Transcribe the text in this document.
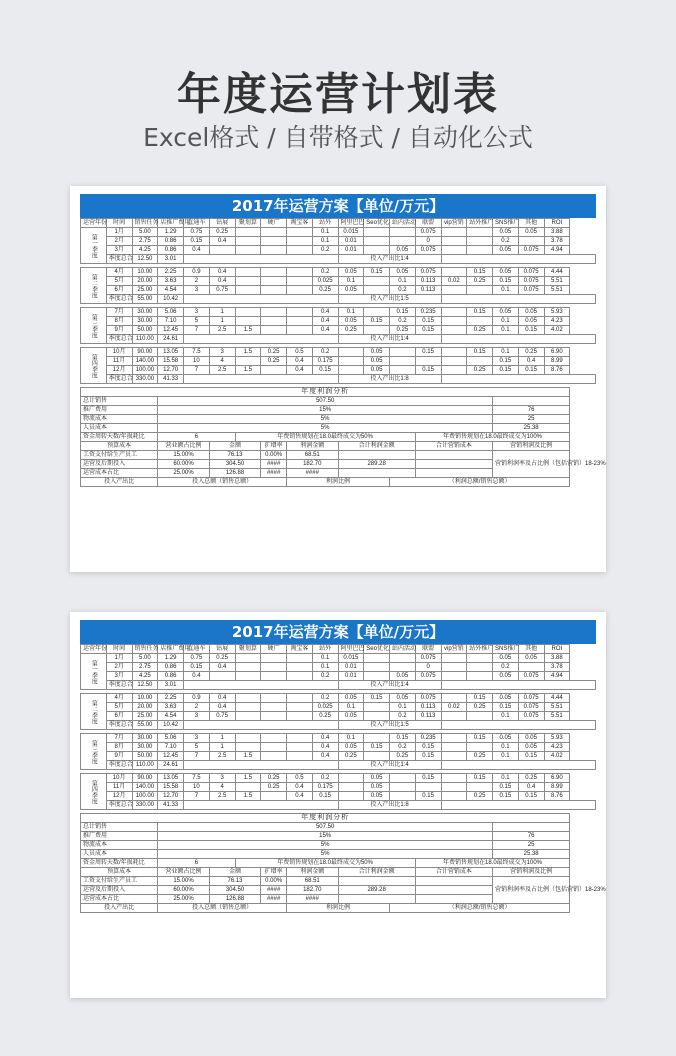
年度运营计划表
Excel格式 / 自带格式 / 自动化公式
2017年运营方案【单位/万元】
运营年份	时间	销售任务	店推广费用	直通车	钻展	聚划算	硬广	淘宝客	站外	阿里巴巴	Seo优化	站内活动	联盟	vip营销	站外推广	SNS推广	其他	ROI
第一季度	1月	5.00	1.29	0.75	0.25				0.1	0.015			0.075			0.05	0.05	3.88
	2月	2.75	0.86	0.15	0.4				0.1	0.01			0			0.2		3.78
	3月	4.25	0.86	0.4					0.2	0.01		0.05	0.075			0.05	0.075	4.94
	季度总合	12.50	3.01							投入产出比1:4								

第二季度	4月	10.00	2.25	0.9	0.4				0.2	0.05	0.15	0.05	0.075		0.15	0.05	0.075	4.44
	5月	20.00	3.63	2	0.4				0.025	0.1		0.1	0.113	0.02	0.25	0.15	0.075	5.51
	6月	25.00	4.54	3	0.75				0.25	0.05		0.2	0.113			0.1	0.075	5.51
	季度总合	55.00	10.42							投入产出比1:5								

第三季度	7月	30.00	5.06	3	1				0.4	0.1		0.15	0.235		0.15	0.05	0.05	5.93
	8月	30.00	7.10	5	1				0.4	0.05	0.15	0.2	0.15			0.1	0.05	4.23
	9月	50.00	12.45	7	2.5	1.5			0.4	0.25		0.25	0.15		0.25	0.1	0.15	4.02
	季度总合	110.00	24.61							投入产出比1:4								

第四季度	10月	90.00	13.05	7.5	3	1.5	0.25	0.5	0.2		0.05		0.15		0.15	0.1	0.25	6.90
	11月	140.00	15.58	10	4		0.25	0.4	0.175		0.05					0.15	0.4	8.99
	12月	100.00	12.70	7	2.5	1.5		0.4	0.15		0.05		0.15		0.25	0.15	0.15	8.76
	季度总合	330.00	41.33							投入产出比1:8								

年度利润分析																		
总计销售			507.50															
推广费用			15%													76		
物流成本			5%													25		
人员成本			5%													25.38		
资金周转天数/年损耗比			6			年费销售规划在18.0最终成交为50%							年费销售规划在18.0最终成交为100%					
预算成本			营业额占比例		金额		扩增率	利润金额		合计利润金额			合计营销成本			营销利润及比例		
工资支付给生产员工			15.00%		76.13		0.00%	68.51								营销利润率及占比例（包括营销）18-23%		
运营及后期投入			60.00%		304.50		####	182.70		289.28								
运营成本占比			25.00%		126.88		####	####										
投入产出比			投入总额（销售总额）					利润比例				（利润总额/销售总额）						
2017年运营方案【单位/万元】
运营年份	时间	销售任务	店推广费用	直通车	钻展	聚划算	硬广	淘宝客	站外	阿里巴巴	Seo优化	站内活动	联盟	vip营销	站外推广	SNS推广	其他	ROI
第一季度	1月	5.00	1.29	0.75	0.25				0.1	0.015			0.075			0.05	0.05	3.88
	2月	2.75	0.86	0.15	0.4				0.1	0.01			0			0.2		3.78
	3月	4.25	0.86	0.4					0.2	0.01		0.05	0.075			0.05	0.075	4.94
	季度总合	12.50	3.01							投入产出比1:4								

第二季度	4月	10.00	2.25	0.9	0.4				0.2	0.05	0.15	0.05	0.075		0.15	0.05	0.075	4.44
	5月	20.00	3.63	2	0.4				0.025	0.1		0.1	0.113	0.02	0.25	0.15	0.075	5.51
	6月	25.00	4.54	3	0.75				0.25	0.05		0.2	0.113			0.1	0.075	5.51
	季度总合	55.00	10.42							投入产出比1:5								

第三季度	7月	30.00	5.06	3	1				0.4	0.1		0.15	0.235		0.15	0.05	0.05	5.93
	8月	30.00	7.10	5	1				0.4	0.05	0.15	0.2	0.15			0.1	0.05	4.23
	9月	50.00	12.45	7	2.5	1.5			0.4	0.25		0.25	0.15		0.25	0.1	0.15	4.02
	季度总合	110.00	24.61							投入产出比1:4								

第四季度	10月	90.00	13.05	7.5	3	1.5	0.25	0.5	0.2		0.05		0.15		0.15	0.1	0.25	6.90
	11月	140.00	15.58	10	4		0.25	0.4	0.175		0.05					0.15	0.4	8.99
	12月	100.00	12.70	7	2.5	1.5		0.4	0.15		0.05		0.15		0.25	0.15	0.15	8.76
	季度总合	330.00	41.33							投入产出比1:8								

年度利润分析																		
总计销售			507.50															
推广费用			15%													76		
物流成本			5%													25		
人员成本			5%													25.38		
资金周转天数/年损耗比			6			年费销售规划在18.0最终成交为50%							年费销售规划在18.0最终成交为100%					
预算成本			营业额占比例		金额		扩增率	利润金额		合计利润金额			合计营销成本			营销利润及比例		
工资支付给生产员工			15.00%		76.13		0.00%	68.51								营销利润率及占比例（包括营销）18-23%		
运营及后期投入			60.00%		304.50		####	182.70		289.28								
运营成本占比			25.00%		126.88		####	####										
投入产出比			投入总额（销售总额）					利润比例				（利润总额/销售总额）						
